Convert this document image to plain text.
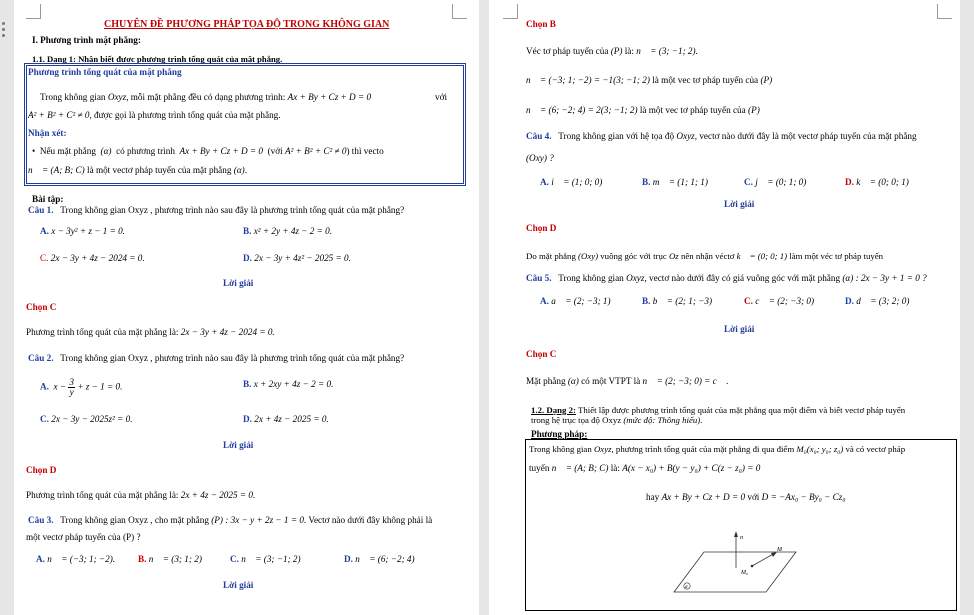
CHUYÊN ĐỀ PHƯƠNG PHÁP TỌA ĐỘ TRONG KHÔNG GIAN
I. Phương trình mặt phẳng:
1.1. Dạng 1: Nhận biết được phương trình tổng quát của mặt phẳng.
Phương trình tổng quát của mặt phẳng
Trong không gian Oxyz, mỗi mặt phẳng đều có dạng phương trình: Ax + By + Cz + D = 0	với
A² + B² + C² ≠ 0, được gọi là phương trình tổng quát của mặt phẳng.
Nhận xét:
• Nếu mặt phẳng (α) có phương trình Ax + By + Cz + D = 0 (với A² + B² + C² ≠ 0) thì vecto
n⃗ = (A; B; C) là một vectơ pháp tuyến của mặt phẳng (α).
Bài tập:
Câu 1. Trong không gian Oxyz , phương trình nào sau đây là phương trình tổng quát của mặt phẳng?
A. x − 3y² + z − 1 = 0.	B. x² + 2y + 4z − 2 = 0.
C. 2x − 3y + 4z − 2024 = 0.	D. 2x − 3y + 4z² − 2025 = 0.
Lời giải
Chọn C
Phương trình tổng quát của mặt phẳng là: 2x − 3y + 4z − 2024 = 0.
Câu 2. Trong không gian Oxyz , phương trình nào sau đây là phương trình tổng quát của mặt phẳng?
A. $x - \frac{3}{y} + z - 1 = 0$.	B. x + 2xy + 4z − 2 = 0.
C. 2x − 3y − 2025z² = 0.	D. 2x + 4z − 2025 = 0.
Lời giải
Chọn D
Phương trình tổng quát của mặt phẳng là: 2x + 4z − 2025 = 0.
Câu 3. Trong không gian Oxyz , cho mặt phẳng (P) : 3x − y + 2z − 1 = 0. Vectơ nào dưới đây không phải là
một vectơ pháp tuyến của (P) ?
A. n⃗ = (−3; 1; −2). B. n⃗ = (3; 1; 2)	C. n⃗ = (3; −1; 2)	D. n⃗ = (6; −2; 4)
Lời giải
Chọn B
Véc tơ pháp tuyến của (P) là: n⃗ = (3; −1; 2).
n⃗ = (−3; 1; −2) = −1(3; −1; 2) là một vec tơ pháp tuyến của (P)
n⃗ = (6; −2; 4) = 2(3; −1; 2) là một vec tơ pháp tuyến của (P)
Câu 4. Trong không gian với hệ tọa độ Oxyz, vectơ nào dưới đây là một vectơ pháp tuyến của mặt phẳng
(Oxy) ?
A. i⃗ = (1; 0; 0)	B. m⃗ = (1; 1; 1)	C. j⃗ = (0; 1; 0)	D. k⃗ = (0; 0; 1)
Lời giải
Chọn D
Do mặt phẳng (Oxy) vuông góc với trục Oz nên nhận véctơ k⃗ = (0; 0; 1) làm một véc tơ pháp tuyến
Câu 5. Trong không gian Oxyz, vectơ nào dưới đây có giá vuông góc với mặt phẳng (α) : 2x − 3y + 1 = 0 ?
A. a⃗ = (2; −3; 1)	B. b⃗ = (2; 1; −3)	C. c⃗ = (2; −3; 0)	D. d⃗ = (3; 2; 0)
Lời giải
Chọn C
Mặt phẳng (α) có một VTPT là n⃗ = (2; −3; 0) = c⃗ .
1.2. Dạng 2: Thiết lập được phương trình tổng quát của mặt phẳng qua một điểm và biết vectơ pháp tuyến
trong hệ trục tọa độ Oxyz (mức độ: Thông hiểu).
Phương pháp:
Trong không gian Oxyz, phương trình tổng quát của mặt phẳng đi qua điểm M₀(x₀; y₀; z₀) và có vectơ pháp
tuyến n⃗ = (A; B; C) là: A(x − x₀) + B(y − y₀) + C(z − z₀) = 0
hay Ax + By + Cz + D = 0 với D = −Ax₀ − By₀ − Cz₀
n
M
M₀
α
